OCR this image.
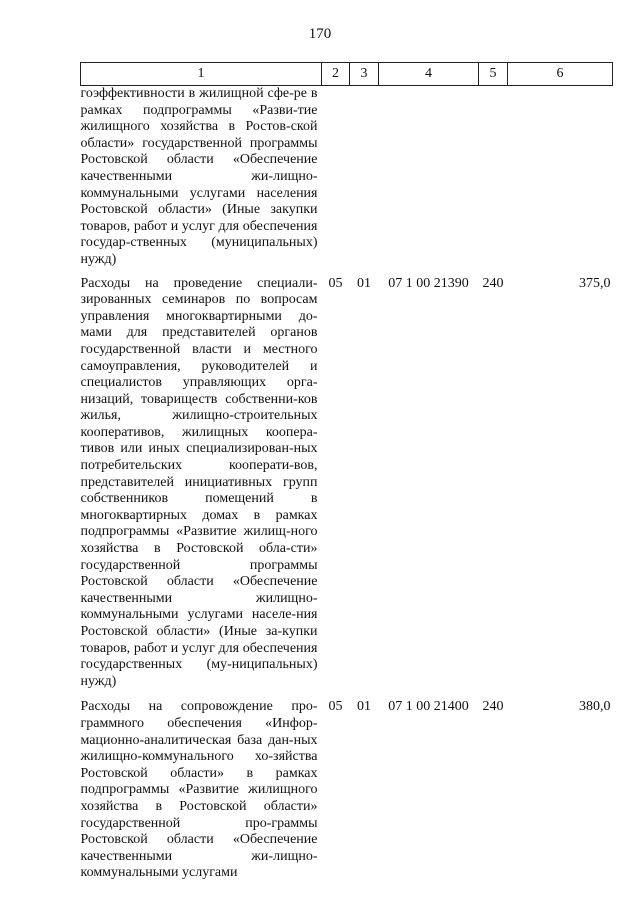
170
1	2	3	4	5	6
гоэффективности в жилищной сфе-ре в рамках подпрограммы «Разви-тие жилищного хозяйства в Ростов-ской области» государственной программы Ростовской области «Обеспечение качественными жи-лищно-коммунальными услугами населения Ростовской области» (Иные закупки товаров, работ и услуг для обеспечения государ-ственных (муниципальных) нужд)					
Расходы на проведение специали-зированных семинаров по вопросам управления многоквартирными до-мами для представителей органов государственной власти и местного самоуправления, руководителей и специалистов управляющих орга-низаций, товариществ собственни-ков жилья, жилищно-строительных кооперативов, жилищных коопера-тивов или иных специализирован-ных потребительских кооперати-вов, представителей инициативных групп собственников помещений в многоквартирных домах в рамках подпрограммы «Развитие жилищ-ного хозяйства в Ростовской обла-сти» государственной программы Ростовской области «Обеспечение качественными жилищно-коммунальными услугами населе-ния Ростовской области» (Иные за-купки товаров, работ и услуг для обеспечения государственных (му-ниципальных) нужд)	05	01	07 1 00 21390	240	375,0
Расходы на сопровождение про-граммного обеспечения «Инфор-мационно-аналитическая база дан-ных жилищно-коммунального хо-зяйства Ростовской области» в рамках подпрограммы «Развитие жилищного хозяйства в Ростовской области» государственной про-граммы Ростовской области «Обеспечение качественными жи-лищно-коммунальными услугами	05	01	07 1 00 21400	240	380,0
